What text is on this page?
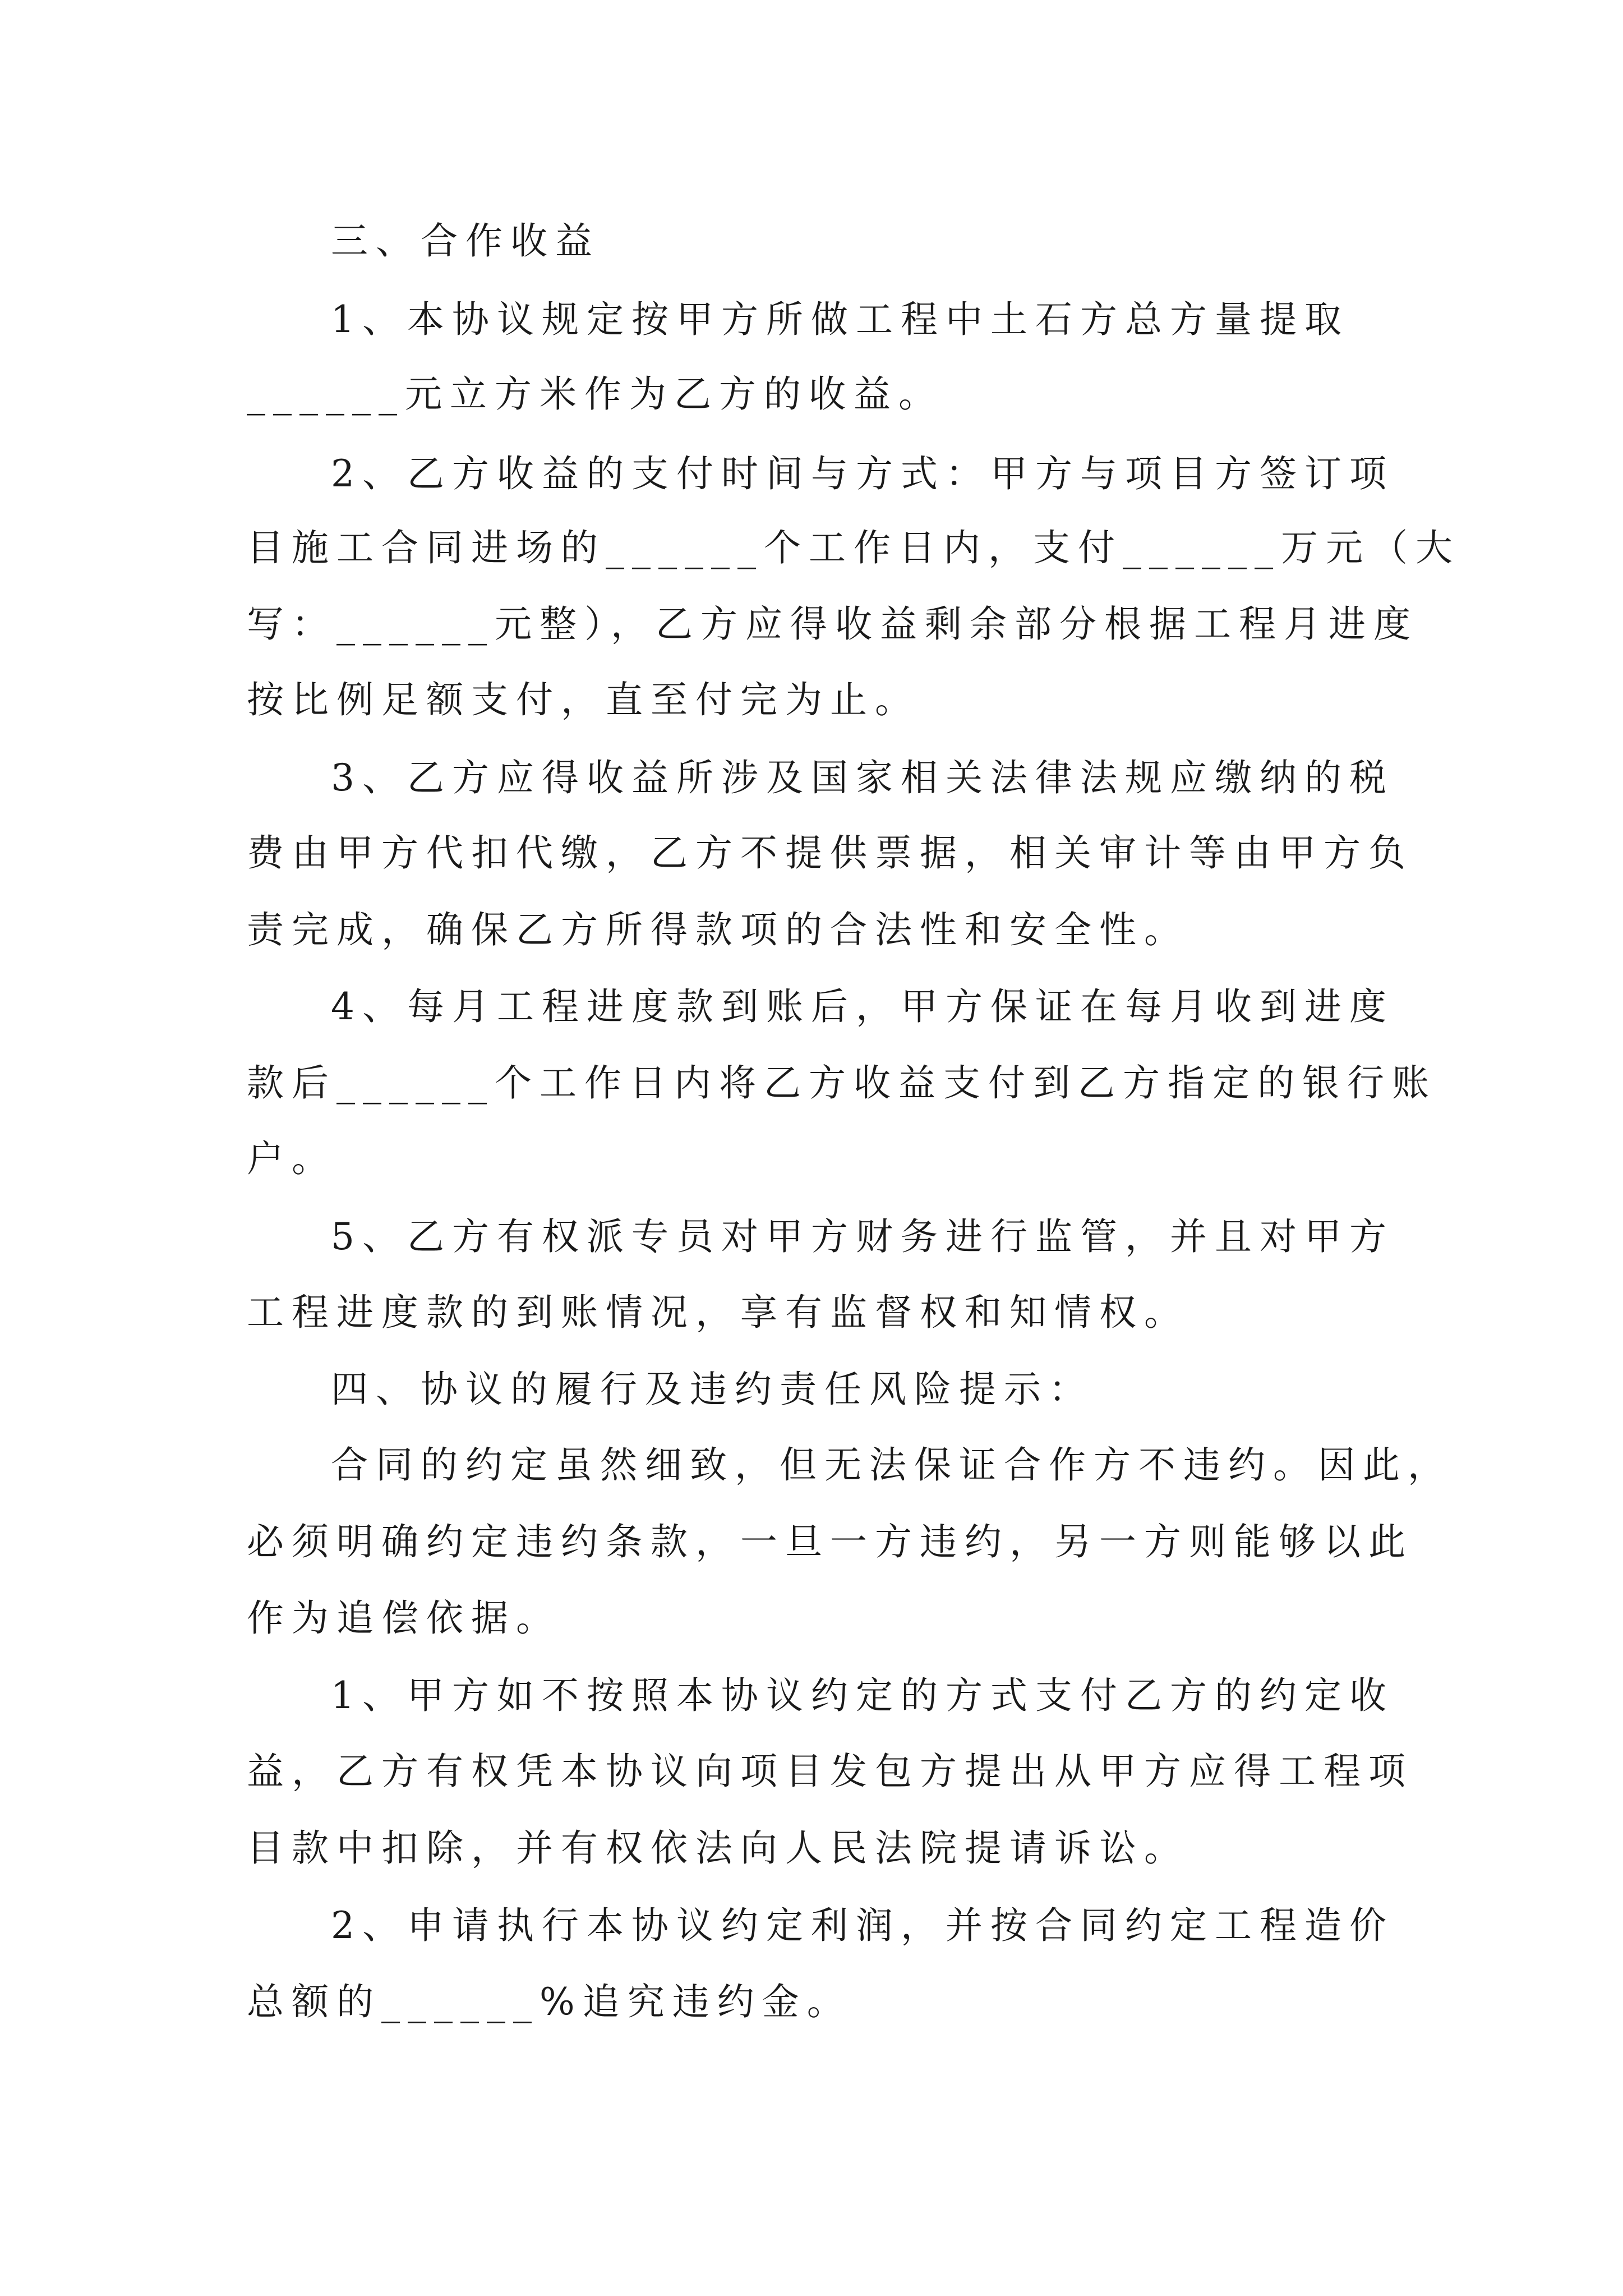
三、合作收益
1、本协议规定按甲方所做工程中土石方总方量提取
______元立方米作为乙方的收益。
2、乙方收益的支付时间与方式：甲方与项目方签订项
目施工合同进场的______个工作日内，支付______万元（大
写：______元整），乙方应得收益剩余部分根据工程月进度
按比例足额支付，直至付完为止。
3、乙方应得收益所涉及国家相关法律法规应缴纳的税
费由甲方代扣代缴，乙方不提供票据，相关审计等由甲方负
责完成，确保乙方所得款项的合法性和安全性。
4、每月工程进度款到账后，甲方保证在每月收到进度
款后______个工作日内将乙方收益支付到乙方指定的银行账
户。
5、乙方有权派专员对甲方财务进行监管，并且对甲方
工程进度款的到账情况，享有监督权和知情权。
四、协议的履行及违约责任风险提示：
合同的约定虽然细致，但无法保证合作方不违约。因此，
必须明确约定违约条款，一旦一方违约，另一方则能够以此
作为追偿依据。
1、甲方如不按照本协议约定的方式支付乙方的约定收
益，乙方有权凭本协议向项目发包方提出从甲方应得工程项
目款中扣除，并有权依法向人民法院提请诉讼。
2、申请执行本协议约定利润，并按合同约定工程造价
总额的______%追究违约金。
